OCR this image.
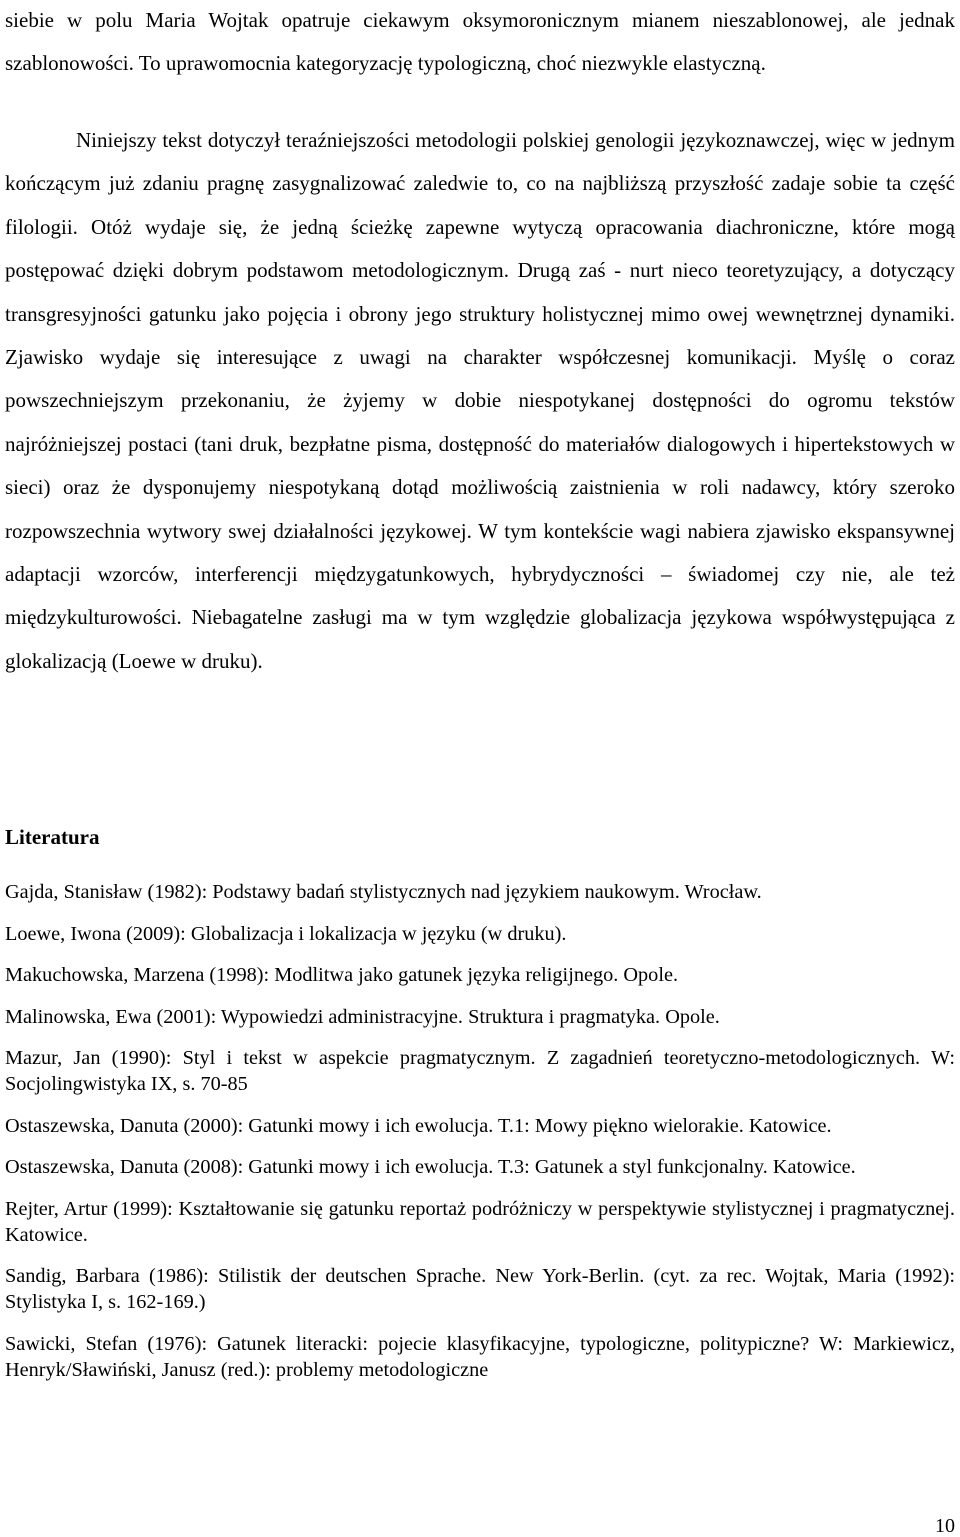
siebie w polu Maria Wojtak opatruje ciekawym oksymoronicznym mianem nieszablonowej, ale jednak szablonowości. To uprawomocnia kategoryzację typologiczną, choć niezwykle elastyczną.

Niniejszy tekst dotyczył teraźniejszości metodologii polskiej genologii językoznawczej, więc w jednym kończącym już zdaniu pragnę zasygnalizować zaledwie to, co na najbliższą przyszłość zadaje sobie ta część filologii. Otóż wydaje się, że jedną ścieżkę zapewne wytyczą opracowania diachroniczne, które mogą postępować dzięki dobrym podstawom metodologicznym. Drugą zaś - nurt nieco teoretyzujący, a dotyczący transgresyjności gatunku jako pojęcia i obrony jego struktury holistycznej mimo owej wewnętrznej dynamiki. Zjawisko wydaje się interesujące z uwagi na charakter współczesnej komunikacji. Myślę o coraz powszechniejszym przekonaniu, że żyjemy w dobie niespotykanej dostępności do ogromu tekstów najróżniejszej postaci (tani druk, bezpłatne pisma, dostępność do materiałów dialogowych i hipertekstowych w sieci) oraz że dysponujemy niespotykaną dotąd możliwością zaistnienia w roli nadawcy, który szeroko rozpowszechnia wytwory swej działalności językowej. W tym kontekście wagi nabiera zjawisko ekspansywnej adaptacji wzorców, interferencji międzygatunkowych, hybrydyczności – świadomej czy nie, ale też międzykulturowości. Niebagatelne zasługi ma w tym względzie globalizacja językowa współwystępująca z glokalizacją (Loewe w druku).

Literatura

Gajda, Stanisław (1982): Podstawy badań stylistycznych nad językiem naukowym. Wrocław.

Loewe, Iwona (2009): Globalizacja i lokalizacja w języku (w druku).

Makuchowska, Marzena (1998): Modlitwa jako gatunek języka religijnego. Opole.

Malinowska, Ewa (2001): Wypowiedzi administracyjne. Struktura i pragmatyka. Opole.

Mazur, Jan (1990): Styl i tekst w aspekcie pragmatycznym. Z zagadnień teoretyczno-metodologicznych. W: Socjolingwistyka IX, s. 70-85

Ostaszewska, Danuta (2000): Gatunki mowy i ich ewolucja. T.1: Mowy piękno wielorakie. Katowice.

Ostaszewska, Danuta (2008): Gatunki mowy i ich ewolucja. T.3: Gatunek a styl funkcjonalny. Katowice.

Rejter, Artur (1999): Kształtowanie się gatunku reportaż podróżniczy w perspektywie stylistycznej i pragmatycznej. Katowice.

Sandig, Barbara (1986): Stilistik der deutschen Sprache. New York-Berlin. (cyt. za rec. Wojtak, Maria (1992): Stylistyka I, s. 162-169.)

Sawicki, Stefan (1976): Gatunek literacki: pojecie klasyfikacyjne, typologiczne, politypiczne? W: Markiewicz, Henryk/Sławiński, Janusz (red.): problemy metodologiczne

10
